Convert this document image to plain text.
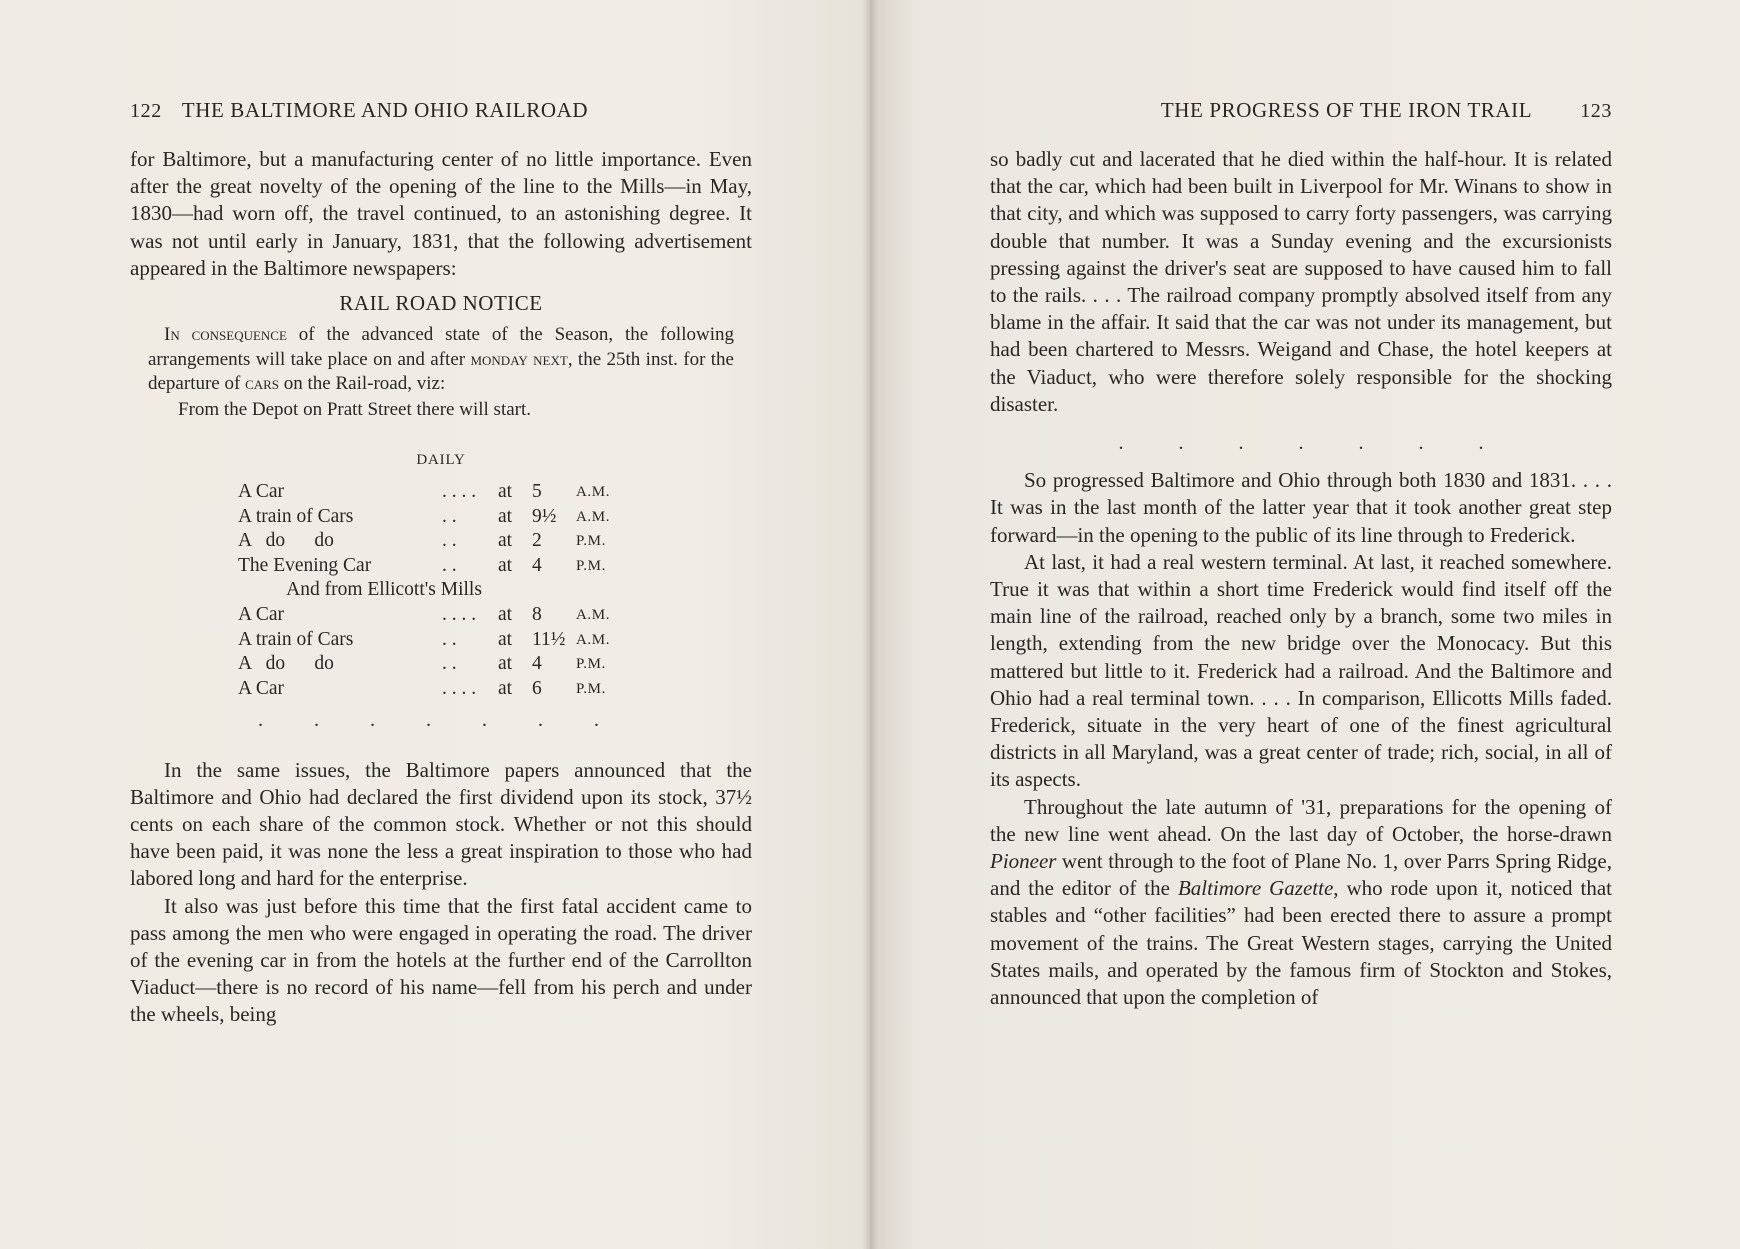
122 THE BALTIMORE AND OHIO RAILROAD

for Baltimore, but a manufacturing center of no little importance. Even after the great novelty of the opening of the line to the Mills—in May, 1830—had worn off, the travel continued, to an astonishing degree. It was not until early in January, 1831, that the following advertisement appeared in the Baltimore newspapers:

RAIL ROAD NOTICE

In consequence of the advanced state of the Season, the following arrangements will take place on and after monday next, the 25th inst. for the departure of cars on the Rail-road, viz:

From the Depot on Pratt Street there will start.

DAILY
A Car	. . . .	at	5	A.M.
A train of Cars	. .	at	9½	A.M.
A   do      do	. .	at	2	P.M.
The Evening Car	. .	at	4	P.M.
And from Ellicott's Mills				
A Car	. . . .	at	8	A.M.
A train of Cars	. .	at	11½	A.M.
A   do      do	. .	at	4	P.M.
A Car	. . . .	at	6	P.M.
. . . . . . .

In the same issues, the Baltimore papers announced that the Baltimore and Ohio had declared the first dividend upon its stock, 37½ cents on each share of the common stock. Whether or not this should have been paid, it was none the less a great inspiration to those who had labored long and hard for the enterprise.

It also was just before this time that the first fatal accident came to pass among the men who were engaged in operating the road. The driver of the evening car in from the hotels at the further end of the Carrollton Viaduct—there is no record of his name—fell from his perch and under the wheels, being

THE PROGRESS OF THE IRON TRAIL 123

so badly cut and lacerated that he died within the half-hour. It is related that the car, which had been built in Liverpool for Mr. Winans to show in that city, and which was supposed to carry forty passengers, was carrying double that number. It was a Sunday evening and the excursionists pressing against the driver's seat are supposed to have caused him to fall to the rails. . . . The railroad company promptly absolved itself from any blame in the affair. It said that the car was not under its management, but had been chartered to Messrs. Weigand and Chase, the hotel keepers at the Viaduct, who were therefore solely responsible for the shocking disaster.

. . . . . . .

So progressed Baltimore and Ohio through both 1830 and 1831. . . . It was in the last month of the latter year that it took another great step forward—in the opening to the public of its line through to Frederick.

At last, it had a real western terminal. At last, it reached somewhere. True it was that within a short time Frederick would find itself off the main line of the railroad, reached only by a branch, some two miles in length, extending from the new bridge over the Monocacy. But this mattered but little to it. Frederick had a railroad. And the Baltimore and Ohio had a real terminal town. . . . In comparison, Ellicotts Mills faded. Frederick, situate in the very heart of one of the finest agricultural districts in all Maryland, was a great center of trade; rich, social, in all of its aspects.

Throughout the late autumn of '31, preparations for the opening of the new line went ahead. On the last day of October, the horse-drawn Pioneer went through to the foot of Plane No. 1, over Parrs Spring Ridge, and the editor of the Baltimore Gazette, who rode upon it, noticed that stables and “other facilities” had been erected there to assure a prompt movement of the trains. The Great Western stages, carrying the United States mails, and operated by the famous firm of Stockton and Stokes, announced that upon the completion of
